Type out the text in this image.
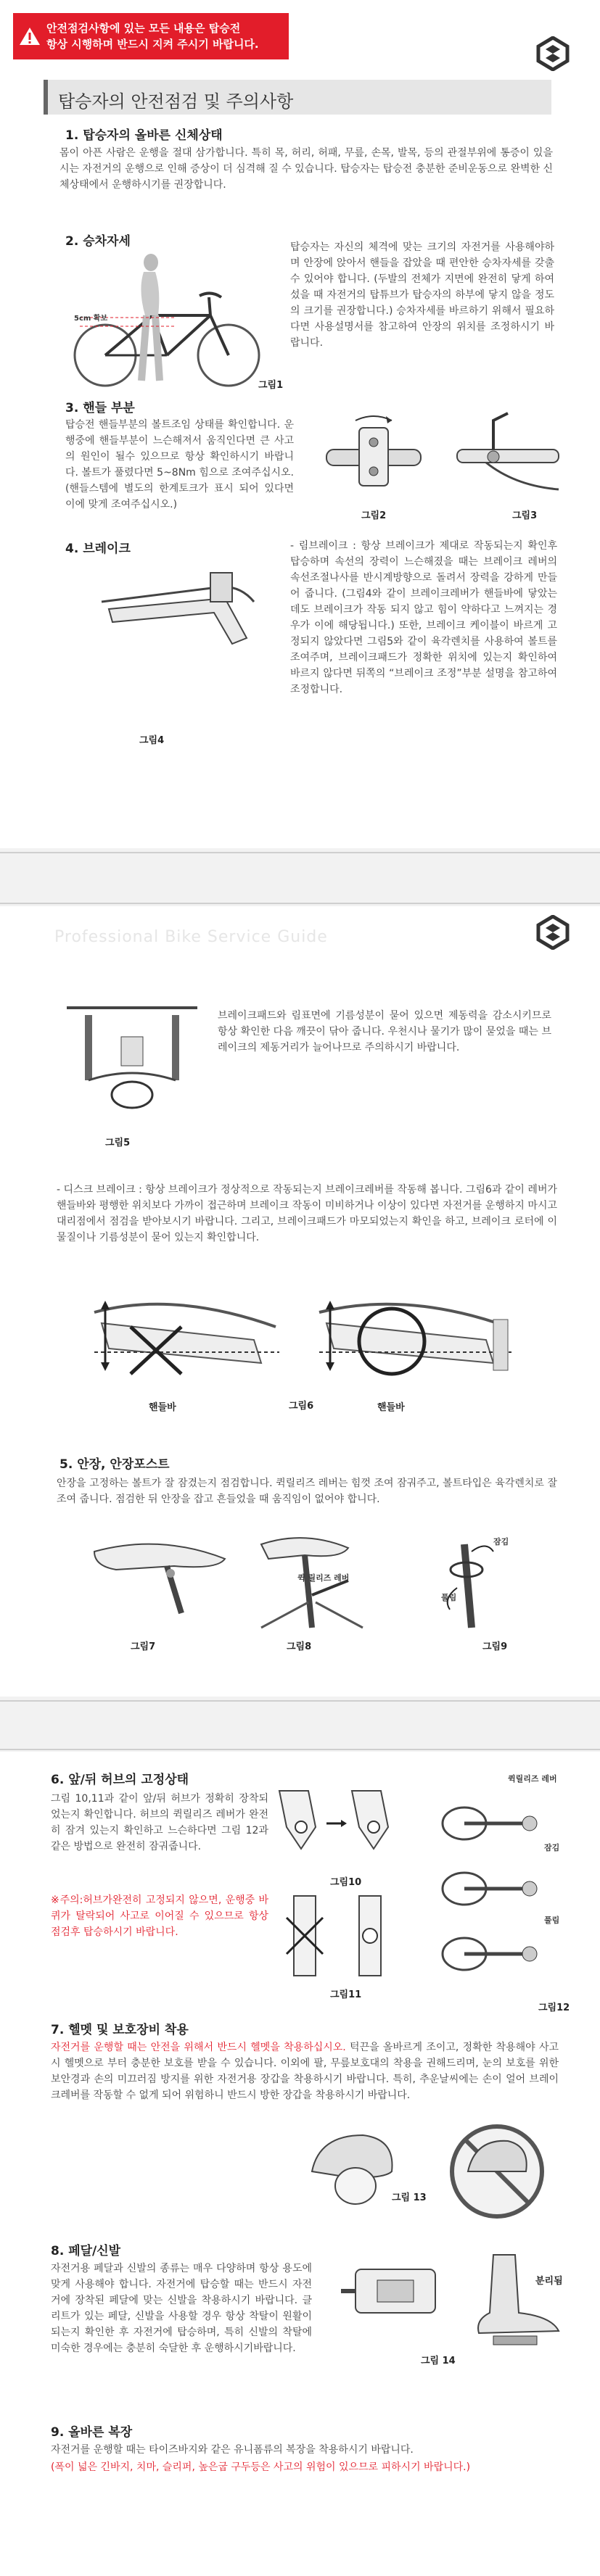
안전점검사항에 있는 모든 내용은 탑승전
항상 시행하며 반드시 지켜 주시기 바랍니다.
탑승자의 안전점검 및 주의사항
1. 탑승자의 올바른 신체상태
몸이 아픈 사람은 운행을 절대 삼가합니다. 특히 목, 허리, 허패, 무릎, 손목, 발목, 등의 관절부위에 통증이 있을 시는 자전거의 운행으로 인해 증상이 더 심격해 질 수 있습니다. 탑승자는 탑승전 충분한 준비운동으로 완벽한 신체상태에서 운행하시기를 권장합니다.
2. 승차자세
5cm 확보
탑승자는 자신의 체격에 맞는 크기의 자전거를 사용해야하며 안장에 앉아서 핸들을 잡았을 때 편안한 승차자세를 갖출 수 있어야 합니다. (두발의 전체가 지면에 완전히 닿게 하여 섰을 때 자전거의 탑튜브가 탑승자의 하부에 닿지 않을 정도의 크기를 권장합니다.) 승차자세를 바르하기 위해서 필요하다면 사용설명서를 참고하여 안장의 위치를 조정하시기 바랍니다.
그림1
3. 핸들 부분
탑승전 핸들부분의 볼트조임 상태를 확인합니다. 운행중에 핸들부분이 느슨해져서 움직인다면 큰 사고의 원인이 될수 있으므로 항상 확인하시기 바랍니다. 볼트가 풀렸다면 5~8Nm 힘으로 조여주십시오. (핸들스템에 별도의 한계토크가 표시 되어 있다면 이에 맞게 조여주십시오.)
그림2	그림3
4. 브레이크
그림4
- 림브레이크 : 항상 브레이크가 제대로 작동되는지 확인후 탑승하며 속선의 장력이 느슨해졌을 때는 브레이크 레버의 속선조절나사를 반시계방향으로 돌려서 장력을 강하게 만들어 줍니다. (그림4와 같이 브레이크레버가 핸들바에 닿았는데도 브레이크가 작동 되지 않고 힘이 약하다고 느껴지는 경우가 이에 해당됩니다.) 또한, 브레이크 케이블이 바르게 고정되지 않았다면 그림5와 같이 육각렌치를 사용하여 볼트를 조여주며, 브레이크패드가 정확한 위치에 있는지 확인하여 바르지 않다면 뒤쪽의 “브레이크 조정”부분 설명을 참고하여 조정합니다.
Professional Bike Service Guide
그림5
브레이크패드와 림표면에 기름성분이 묻어 있으면 제동력을 감소시키므로 항상 확인한 다음 깨끗이 닦아 줍니다. 우천시나 물기가 많이 묻었을 때는 브레이크의 제동거리가 늘어나므로 주의하시기 바랍니다.
- 디스크 브레이크 : 항상 브레이크가 정상적으로 작동되는지 브레이크레버를 작동해 봅니다. 그림6과 같이 레버가 핸들바와 평행한 위치보다 가까이 접근하며 브레이크 작동이 미비하거나 이상이 있다면 자전거를 운행하지 마시고 대리점에서 점검을 받아보시기 바랍니다. 그리고, 브레이크패드가 마모되었는지 확인을 하고, 브레이크 로터에 이물질이나 기름성분이 묻어 있는지 확인합니다.
핸들바	핸들바
그림6
5. 안장, 안장포스트
안장을 고정하는 볼트가 잘 잠겼는지 점검합니다. 퀵릴리즈 레버는 힘껏 조여 잠궈주고, 볼트타입은 육각렌치로 잘 조여 줍니다. 점검한 뒤 안장을 잡고 흔들었을 때 움직임이 없어야 합니다.
그림7
퀵 릴리즈 레버
그림8
잠김
풀림
그림9
6. 앞/뒤 허브의 고정상태
그림 10,11과 같이 앞/뒤 허브가 정확히 장착되었는지 확인합니다. 허브의 퀵릴리즈 레버가 완전히 잠겨 있는지 확인하고 느슨하다면 그림 12과 같은 방법으로 완전히 잠궈줍니다.
※주의:허브가완전히 고정되지 않으면, 운행중 바퀴가 탈락되어 사고로 이어질 수 있으므로 항상 점검후 탑승하시기 바랍니다.
그림10
그림11
퀵릴리즈 레버
잠김
풀림
그림12
7. 헬멧 및 보호장비 착용
자전거를 운행할 때는 안전을 위해서 반드시 헬멧을 착용하십시오. 턱끈을 올바르게 조이고, 정확한 착용해야 사고시 헬멧으로 부터 충분한 보호를 받을 수 있습니다. 이외에 팔, 무릎보호대의 착용을 권해드리며, 눈의 보호를 위한 보안경과 손의 미끄러짐 방지를 위한 자전거용 장갑을 착용하시기 바랍니다. 특히, 추운날씨에는 손이 얼어 브레이크레버를 작동할 수 없게 되어 위험하니 반드시 방한 장갑을 착용하시기 바랍니다.
그림 13
8. 페달/신발
자전거용 페달과 신발의 종류는 매우 다양하며 항상 용도에 맞게 사용해야 합니다. 자전거에 탑승할 때는 반드시 자전거에 장착된 페달에 맞는 신발을 착용하시기 바랍니다. 클리트가 있는 페달, 신발을 사용할 경우 항상 착탈이 원활이 되는지 확인한 후 자전거에 탑승하며, 특히 신발의 착탈에 미숙한 경우에는 충분히 숙달한 후 운행하시기바랍니다.
분리됨
그림 14
9. 올바른 복장
자전거를 운행할 때는 타이즈바지와 같은 유니폼류의 복장을 착용하시기 바랍니다.
(폭이 넓은 긴바지, 치마, 슬리퍼, 높은굽 구두등은 사고의 위험이 있으므로 피하시기 바랍니다.)
